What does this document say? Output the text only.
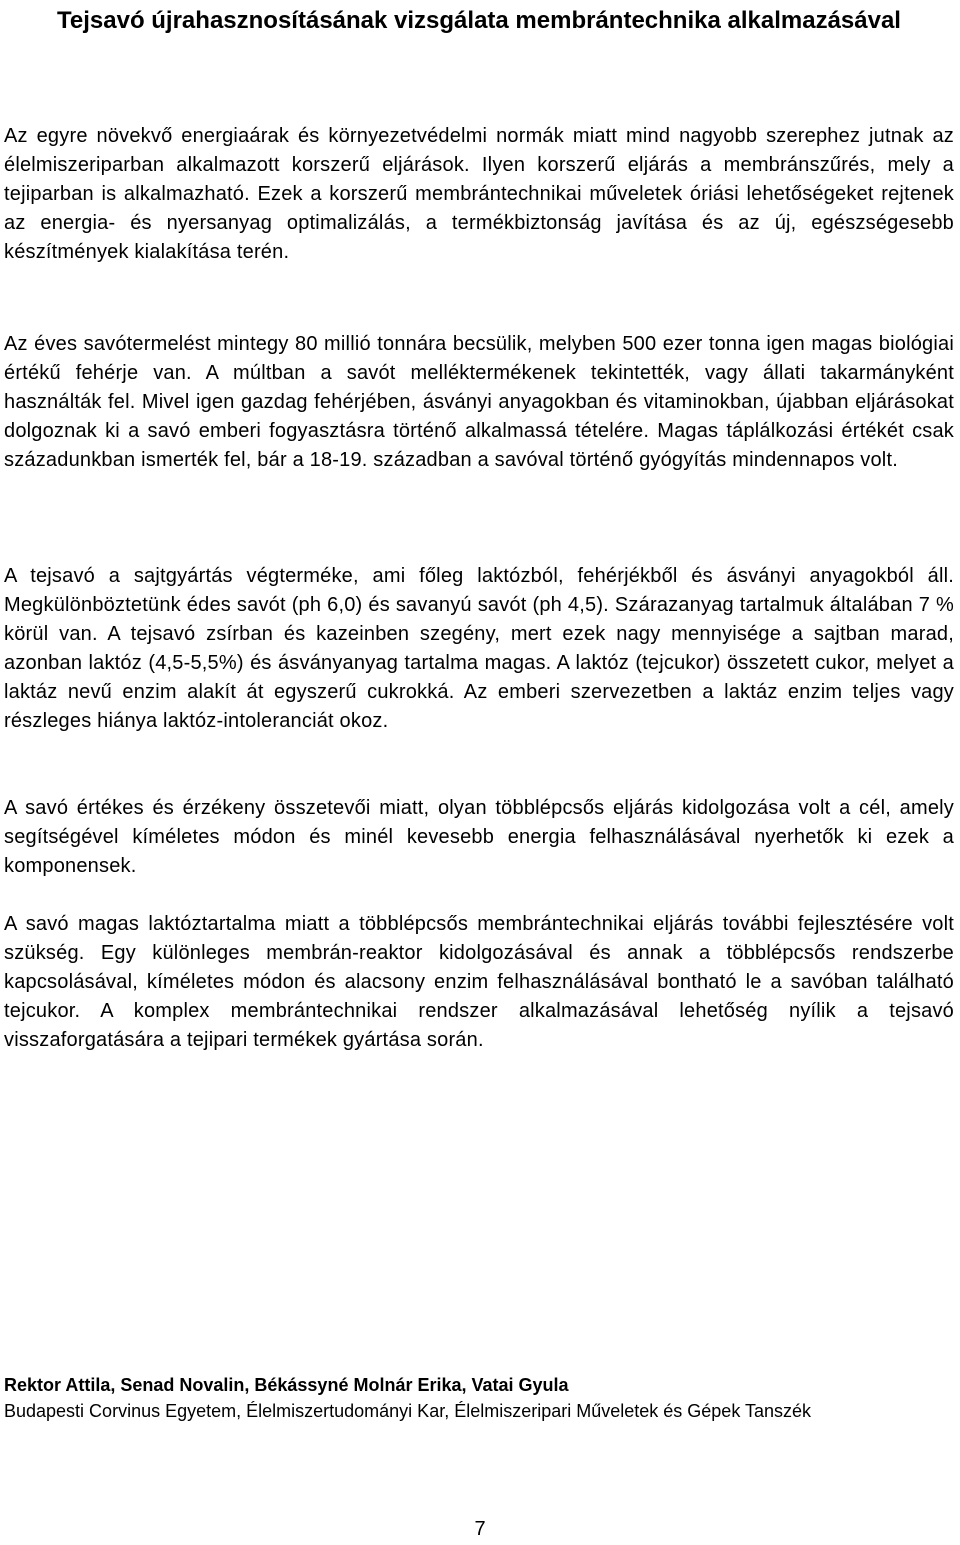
Tejsavó újrahasznosításának vizsgálata membrántechnika alkalmazásával

Az egyre növekvő energiaárak és környezetvédelmi normák miatt mind nagyobb szerephez jutnak az élelmiszeriparban alkalmazott korszerű eljárások. Ilyen korszerű eljárás a membránszűrés, mely a tejiparban is alkalmazható. Ezek a korszerű membrántechnikai műveletek óriási lehetőségeket rejtenek az energia- és nyersanyag optimalizálás, a termékbiztonság javítása és az új, egészségesebb készítmények kialakítása terén.

Az éves savótermelést mintegy 80 millió tonnára becsülik, melyben 500 ezer tonna igen magas biológiai értékű fehérje van. A múltban a savót melléktermékenek tekintették, vagy állati takarmányként használták fel. Mivel igen gazdag fehérjében, ásványi anyagokban és vitaminokban, újabban eljárásokat dolgoznak ki a savó emberi fogyasztásra történő alkalmassá tételére. Magas táplálkozási értékét csak századunkban ismerték fel, bár a 18-19. században a savóval történő gyógyítás mindennapos volt.

A tejsavó a sajtgyártás végterméke, ami főleg laktózból, fehérjékből és ásványi anyagokból áll. Megkülönböztetünk édes savót (ph 6,0) és savanyú savót (ph 4,5). Szárazanyag tartalmuk általában 7 % körül van. A tejsavó zsírban és kazeinben szegény, mert ezek nagy mennyisége a sajtban marad, azonban laktóz (4,5-5,5%) és ásványanyag tartalma magas. A laktóz (tejcukor) összetett cukor, melyet a laktáz nevű enzim alakít át egyszerű cukrokká. Az emberi szervezetben a laktáz enzim teljes vagy részleges hiánya laktóz-intoleranciát okoz.

A savó értékes és érzékeny összetevői miatt, olyan többlépcsős eljárás kidolgozása volt a cél, amely segítségével kíméletes módon és minél kevesebb energia felhasználásával nyerhetők ki ezek a komponensek.

A savó magas laktóztartalma miatt a többlépcsős membrántechnikai eljárás további fejlesztésére volt szükség. Egy különleges membrán-reaktor kidolgozásával és annak a többlépcsős rendszerbe kapcsolásával, kíméletes módon és alacsony enzim felhasználásával bontható le a savóban található tejcukor. A komplex membrántechnikai rendszer alkalmazásával lehetőség nyílik a tejsavó visszaforgatására a tejipari termékek gyártása során.

Rektor Attila, Senad Novalin, Békássyné Molnár Erika, Vatai Gyula

Budapesti Corvinus Egyetem, Élelmiszertudományi Kar, Élelmiszeripari Műveletek és Gépek Tanszék

7
